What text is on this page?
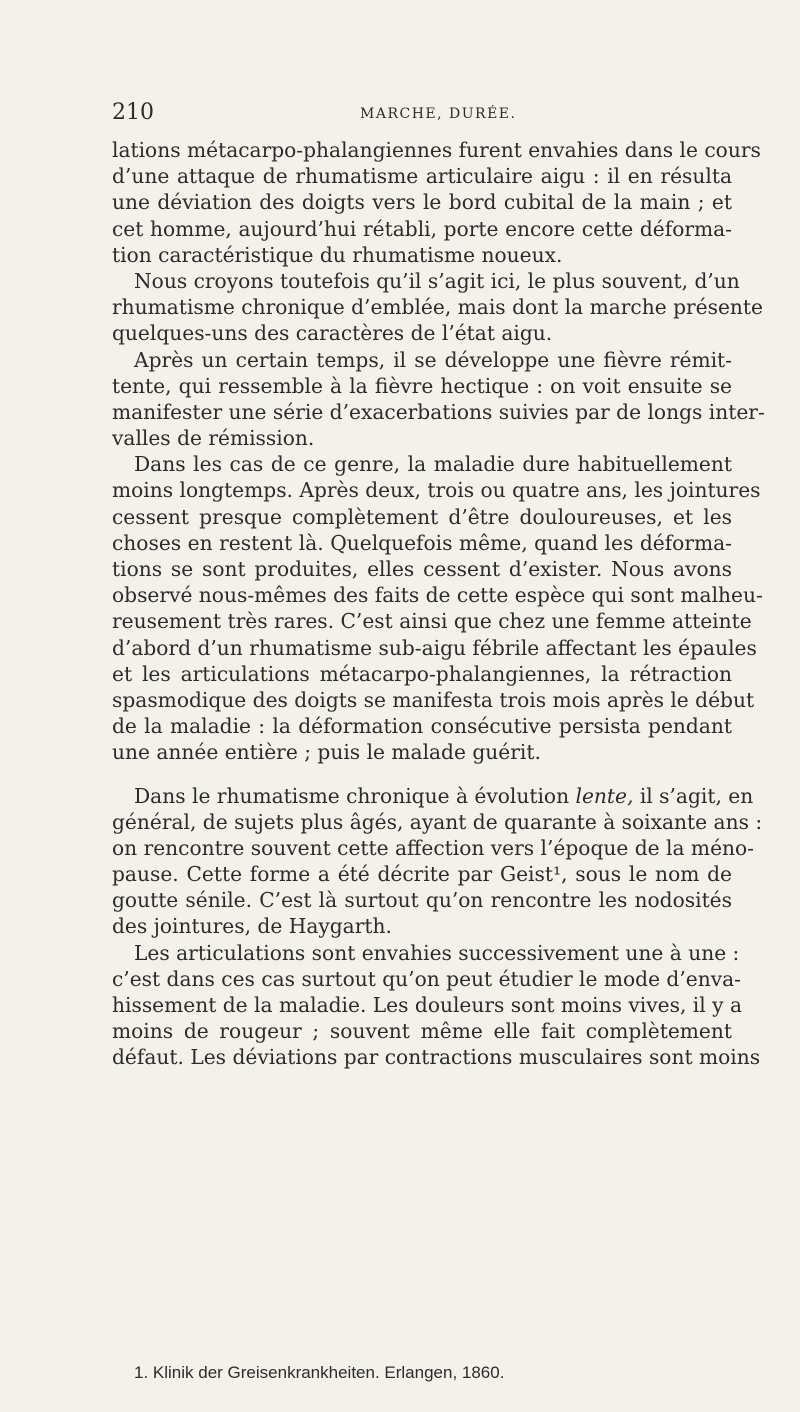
210	MARCHE, DURÉE.
lations métacarpo-phalangiennes furent envahies dans le cours
d’une attaque de rhumatisme articulaire aigu : il en résulta
une déviation des doigts vers le bord cubital de la main ; et
cet homme, aujourd’hui rétabli, porte encore cette déforma-
tion caractéristique du rhumatisme noueux.
Nous croyons toutefois qu’il s’agit ici, le plus souvent, d’un
rhumatisme chronique d’emblée, mais dont la marche présente
quelques-uns des caractères de l’état aigu.
Après un certain temps, il se développe une fièvre rémit-
tente, qui ressemble à la fièvre hectique : on voit ensuite se
manifester une série d’exacerbations suivies par de longs inter-
valles de rémission.
Dans les cas de ce genre, la maladie dure habituellement
moins longtemps. Après deux, trois ou quatre ans, les jointures
cessent presque complètement d’être douloureuses, et les
choses en restent là. Quelquefois même, quand les déforma-
tions se sont produites, elles cessent d’exister. Nous avons
observé nous-mêmes des faits de cette espèce qui sont malheu-
reusement très rares. C’est ainsi que chez une femme atteinte
d’abord d’un rhumatisme sub-aigu fébrile affectant les épaules
et les articulations métacarpo-phalangiennes, la rétraction
spasmodique des doigts se manifesta trois mois après le début
de la maladie : la déformation consécutive persista pendant
une année entière ; puis le malade guérit.
Dans le rhumatisme chronique à évolution lente, il s’agit, en
général, de sujets plus âgés, ayant de quarante à soixante ans :
on rencontre souvent cette affection vers l’époque de la méno-
pause. Cette forme a été décrite par Geist¹, sous le nom de
goutte sénile. C’est là surtout qu’on rencontre les nodosités
des jointures, de Haygarth.
Les articulations sont envahies successivement une à une :
c’est dans ces cas surtout qu’on peut étudier le mode d’enva-
hissement de la maladie. Les douleurs sont moins vives, il y a
moins de rougeur ; souvent même elle fait complètement
défaut. Les déviations par contractions musculaires sont moins
1. Klinik der Greisenkrankheiten. Erlangen, 1860.
